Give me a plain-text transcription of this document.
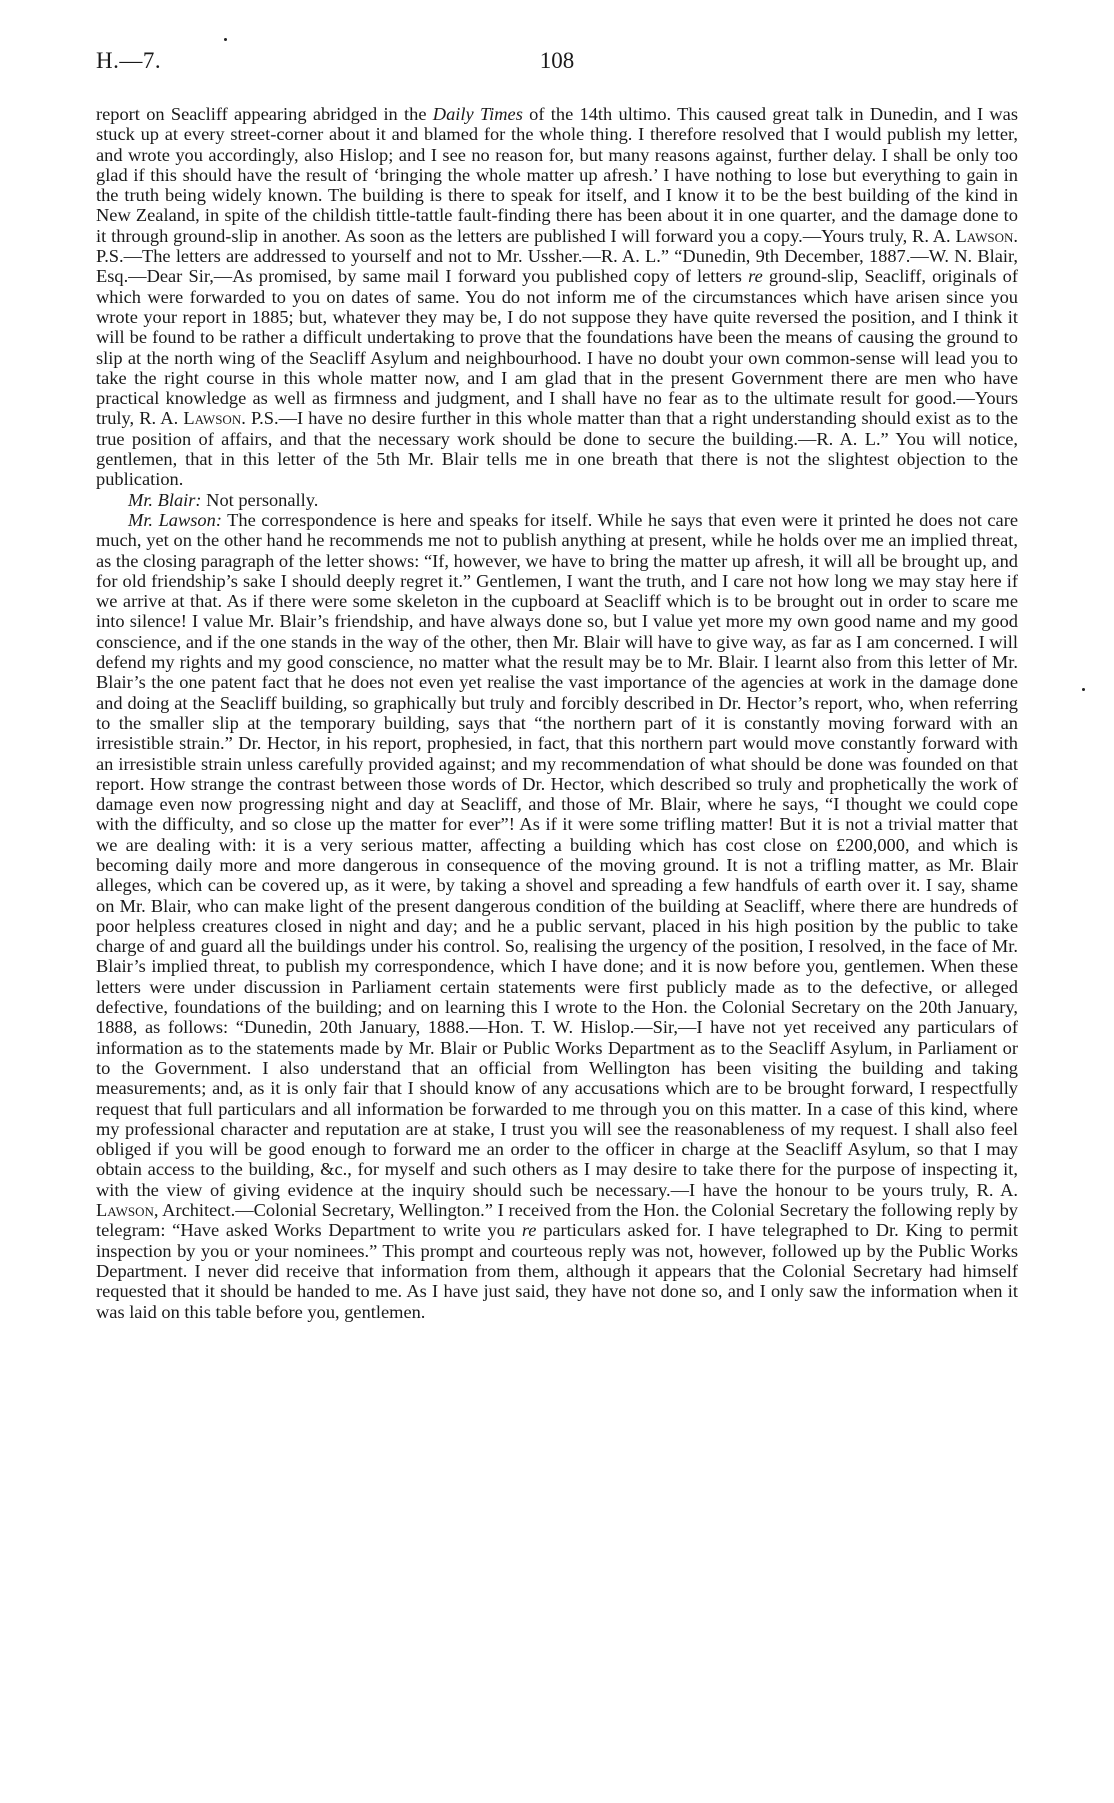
H.—7.	108

report on Seacliff appearing abridged in the Daily Times of the 14th ultimo. This caused great talk in Dunedin, and I was stuck up at every street-corner about it and blamed for the whole thing. I therefore resolved that I would publish my letter, and wrote you accordingly, also Hislop; and I see no reason for, but many reasons against, further delay. I shall be only too glad if this should have the result of ‘bringing the whole matter up afresh.’ I have nothing to lose but everything to gain in the truth being widely known. The building is there to speak for itself, and I know it to be the best building of the kind in New Zealand, in spite of the childish tittle-tattle fault-finding there has been about it in one quarter, and the damage done to it through ground-slip in another. As soon as the letters are published I will forward you a copy.—Yours truly, R. A. Lawson. P.S.—The letters are addressed to yourself and not to Mr. Ussher.—R. A. L.” “Dunedin, 9th December, 1887.—W. N. Blair, Esq.—Dear Sir,—As promised, by same mail I forward you published copy of letters re ground-slip, Seacliff, originals of which were forwarded to you on dates of same. You do not inform me of the circumstances which have arisen since you wrote your report in 1885; but, whatever they may be, I do not suppose they have quite reversed the position, and I think it will be found to be rather a difficult undertaking to prove that the foundations have been the means of causing the ground to slip at the north wing of the Seacliff Asylum and neighbourhood. I have no doubt your own common-sense will lead you to take the right course in this whole matter now, and I am glad that in the present Government there are men who have practical knowledge as well as firmness and judgment, and I shall have no fear as to the ultimate result for good.—Yours truly, R. A. Lawson. P.S.—I have no desire further in this whole matter than that a right understanding should exist as to the true position of affairs, and that the necessary work should be done to secure the building.—R. A. L.” You will notice, gentlemen, that in this letter of the 5th Mr. Blair tells me in one breath that there is not the slightest objection to the publication.

Mr. Blair: Not personally.

Mr. Lawson: The correspondence is here and speaks for itself. While he says that even were it printed he does not care much, yet on the other hand he recommends me not to publish anything at present, while he holds over me an implied threat, as the closing paragraph of the letter shows: “If, however, we have to bring the matter up afresh, it will all be brought up, and for old friendship’s sake I should deeply regret it.” Gentlemen, I want the truth, and I care not how long we may stay here if we arrive at that. As if there were some skeleton in the cupboard at Seacliff which is to be brought out in order to scare me into silence! I value Mr. Blair’s friendship, and have always done so, but I value yet more my own good name and my good conscience, and if the one stands in the way of the other, then Mr. Blair will have to give way, as far as I am concerned. I will defend my rights and my good conscience, no matter what the result may be to Mr. Blair. I learnt also from this letter of Mr. Blair’s the one patent fact that he does not even yet realise the vast importance of the agencies at work in the damage done and doing at the Seacliff building, so graphically but truly and forcibly described in Dr. Hector’s report, who, when referring to the smaller slip at the temporary building, says that “the northern part of it is constantly moving forward with an irresistible strain.” Dr. Hector, in his report, prophesied, in fact, that this northern part would move constantly forward with an irresistible strain unless carefully provided against; and my recommendation of what should be done was founded on that report. How strange the contrast between those words of Dr. Hector, which described so truly and prophetically the work of damage even now progressing night and day at Seacliff, and those of Mr. Blair, where he says, “I thought we could cope with the difficulty, and so close up the matter for ever”! As if it were some trifling matter! But it is not a trivial matter that we are dealing with: it is a very serious matter, affecting a building which has cost close on £200,000, and which is becoming daily more and more dangerous in consequence of the moving ground. It is not a trifling matter, as Mr. Blair alleges, which can be covered up, as it were, by taking a shovel and spreading a few handfuls of earth over it. I say, shame on Mr. Blair, who can make light of the present dangerous condition of the building at Seacliff, where there are hundreds of poor helpless creatures closed in night and day; and he a public servant, placed in his high position by the public to take charge of and guard all the buildings under his control. So, realising the urgency of the position, I resolved, in the face of Mr. Blair’s implied threat, to publish my correspondence, which I have done; and it is now before you, gentlemen. When these letters were under discussion in Parliament certain statements were first publicly made as to the defective, or alleged defective, foundations of the building; and on learning this I wrote to the Hon. the Colonial Secretary on the 20th January, 1888, as follows: “Dunedin, 20th January, 1888.—Hon. T. W. Hislop.—Sir,—I have not yet received any particulars of information as to the statements made by Mr. Blair or Public Works Department as to the Seacliff Asylum, in Parliament or to the Government. I also understand that an official from Wellington has been visiting the building and taking measurements; and, as it is only fair that I should know of any accusations which are to be brought forward, I respectfully request that full particulars and all information be forwarded to me through you on this matter. In a case of this kind, where my professional character and reputation are at stake, I trust you will see the reasonableness of my request. I shall also feel obliged if you will be good enough to forward me an order to the officer in charge at the Seacliff Asylum, so that I may obtain access to the building, &c., for myself and such others as I may desire to take there for the purpose of inspecting it, with the view of giving evidence at the inquiry should such be necessary.—I have the honour to be yours truly, R. A. Lawson, Architect.—Colonial Secretary, Wellington.” I received from the Hon. the Colonial Secretary the following reply by telegram: “Have asked Works Department to write you re particulars asked for. I have telegraphed to Dr. King to permit inspection by you or your nominees.” This prompt and courteous reply was not, however, followed up by the Public Works Department. I never did receive that information from them, although it appears that the Colonial Secretary had himself requested that it should be handed to me. As I have just said, they have not done so, and I only saw the information when it was laid on this table before you, gentlemen.
